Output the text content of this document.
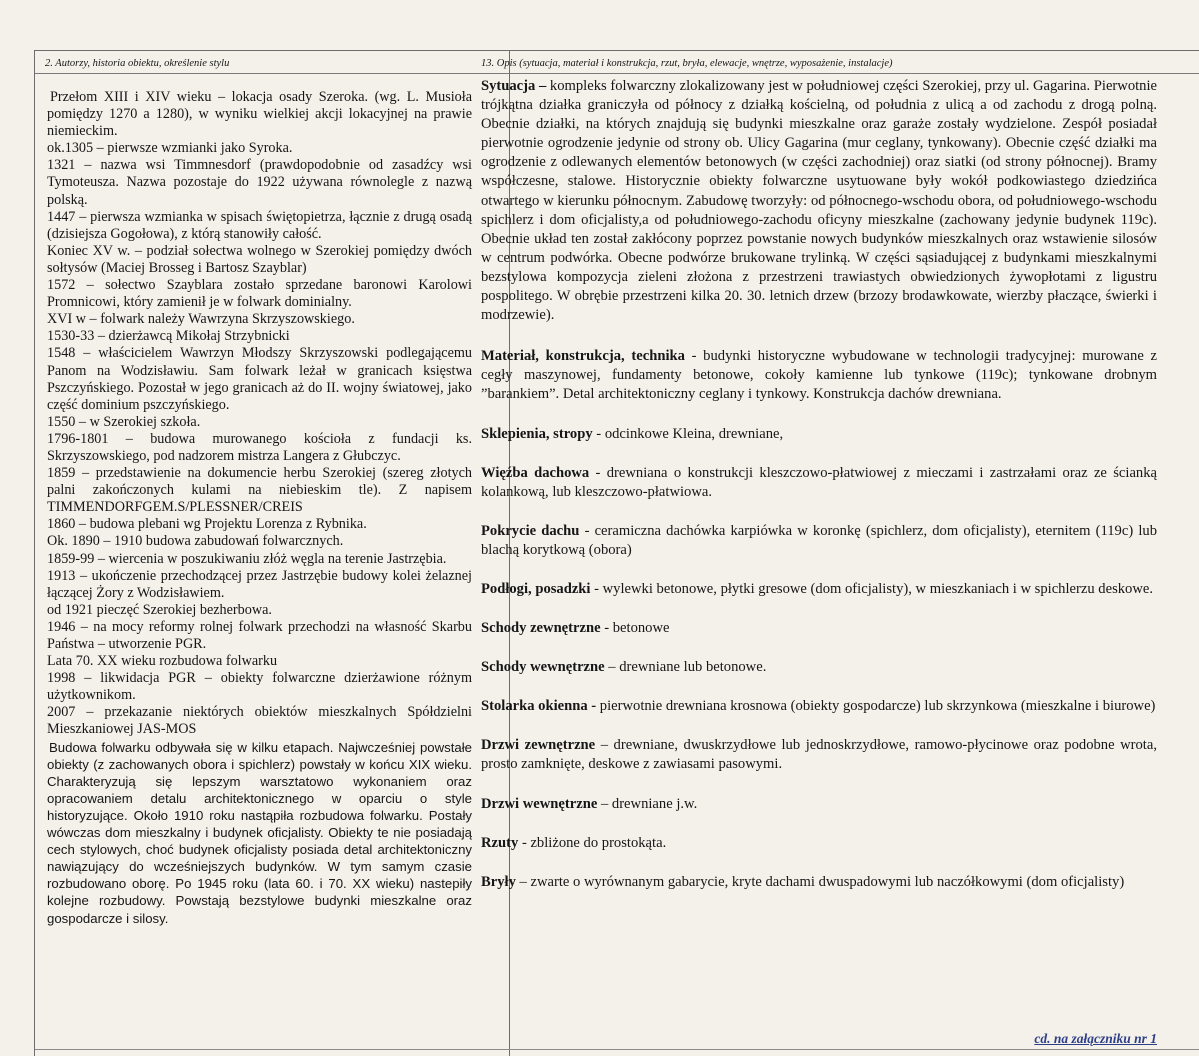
2. Autorzy, historia obiektu, określenie stylu	13. Opis (sytuacja, materiał i konstrukcja, rzut, bryła, elewacje, wnętrze, wyposażenie, instalacje)

Przełom XIII i XIV wieku – lokacja osady Szeroka. (wg. L. Musioła pomiędzy 1270 a 1280), w wyniku wielkiej akcji lokacyjnej na prawie niemieckim.

ok.1305 – pierwsze wzmianki jako Syroka.

1321 – nazwa wsi Timmnesdorf (prawdopodobnie od zasadźcy wsi Tymoteusza. Nazwa pozostaje do 1922 używana równolegle z nazwą polską.

1447 – pierwsza wzmianka w spisach świętopietrza, łącznie z drugą osadą (dzisiejsza Gogołowa), z którą stanowiły całość.

Koniec XV w. – podział sołectwa wolnego w Szerokiej pomiędzy dwóch sołtysów (Maciej Brosseg i Bartosz Szayblar)

1572 – sołectwo Szayblara zostało sprzedane baronowi Karolowi Promnicowi, który zamienił je w folwark dominialny.

XVI w – folwark należy Wawrzyna Skrzyszowskiego.

1530-33 – dzierżawcą Mikołaj Strzybnicki

1548 – właścicielem Wawrzyn Młodszy Skrzyszowski podlegającemu Panom na Wodzisławiu. Sam folwark leżał w granicach księstwa Pszczyńskiego. Pozostał w jego granicach aż do II. wojny światowej, jako część dominium pszczyńskiego.

1550 – w Szerokiej szkoła.

1796-1801 – budowa murowanego kościoła z fundacji ks. Skrzyszowskiego, pod nadzorem mistrza Langera z Głubczyc.

1859 – przedstawienie na dokumencie herbu Szerokiej (szereg złotych palni zakończonych kulami na niebieskim tle). Z napisem TIMMENDORFGEM.S/PLESSNER/CREIS

1860 – budowa plebani wg Projektu Lorenza z Rybnika.

Ok. 1890 – 1910 budowa zabudowań folwarcznych.

1859-99 – wiercenia w poszukiwaniu złóż węgla na terenie Jastrzębia.

1913 – ukończenie przechodzącej przez Jastrzębie budowy kolei żelaznej łączącej Żory z Wodzisławiem.

od 1921 pieczęć Szerokiej bezherbowa.

1946 – na mocy reformy rolnej folwark przechodzi na własność Skarbu Państwa – utworzenie PGR.

Lata 70. XX wieku rozbudowa folwarku

1998 – likwidacja PGR – obiekty folwarczne dzierżawione różnym użytkownikom.

2007 – przekazanie niektórych obiektów mieszkalnych Spółdzielni Mieszkaniowej JAS-MOS

Budowa folwarku odbywała się w kilku etapach. Najwcześniej powstałe obiekty (z zachowanych obora i spichlerz) powstały w końcu XIX wieku. Charakteryzują się lepszym warsztatowo wykonaniem oraz opracowaniem detalu architektonicznego w oparciu o style historyzujące. Około 1910 roku nastąpiła rozbudowa folwarku. Postały wówczas dom mieszkalny i budynek oficjalisty. Obiekty te nie posiadają cech stylowych, choć budynek oficjalisty posiada detal architektoniczny nawiązujący do wcześniejszych budynków. W tym samym czasie rozbudowano oborę. Po 1945 roku (lata 60. i 70. XX wieku) nastepiły kolejne rozbudowy. Powstają bezstylowe budynki mieszkalne oraz gospodarcze i silosy.

Sytuacja – kompleks folwarczny zlokalizowany jest w południowej części Szerokiej, przy ul. Gagarina. Pierwotnie trójkątna działka graniczyła od północy z działką kościelną, od południa z ulicą a od zachodu z drogą polną. Obecnie działki, na których znajdują się budynki mieszkalne oraz garaże zostały wydzielone. Zespół posiadał pierwotnie ogrodzenie jedynie od strony ob. Ulicy Gagarina (mur ceglany, tynkowany). Obecnie część działki ma ogrodzenie z odlewanych elementów betonowych (w części zachodniej) oraz siatki (od strony północnej). Bramy współczesne, stalowe. Historycznie obiekty folwarczne usytuowane były wokół podkowiastego dziedzińca otwartego w kierunku północnym. Zabudowę tworzyły: od północnego-wschodu obora, od południowego-wschodu spichlerz i dom oficjalisty,a od południowego-zachodu oficyny mieszkalne (zachowany jedynie budynek 119c). Obecnie układ ten został zakłócony poprzez powstanie nowych budynków mieszkalnych oraz wstawienie silosów w centrum podwórka. Obecne podwórze brukowane trylinką. W części sąsiadującej z budynkami mieszkalnymi bezstylowa kompozycja zieleni złożona z przestrzeni trawiastych obwiedzionych żywopłotami z ligustru pospolitego. W obrębie przestrzeni kilka 20. 30. letnich drzew (brzozy brodawkowate, wierzby płaczące, świerki i modrzewie).

Materiał, konstrukcja, technika - budynki historyczne wybudowane w technologii tradycyjnej: murowane z cegły maszynowej, fundamenty betonowe, cokoły kamienne lub tynkowe (119c); tynkowane drobnym ”barankiem”. Detal architektoniczny ceglany i tynkowy. Konstrukcja dachów drewniana.

Sklepienia, stropy - odcinkowe Kleina, drewniane,

Więźba dachowa - drewniana o konstrukcji kleszczowo-płatwiowej z mieczami i zastrzałami oraz ze ścianką kolankową, lub kleszczowo-płatwiowa.

Pokrycie dachu - ceramiczna dachówka karpiówka w koronkę (spichlerz, dom oficjalisty), eternitem (119c) lub blachą korytkową (obora)

Podłogi, posadzki - wylewki betonowe, płytki gresowe (dom oficjalisty), w mieszkaniach i w spichlerzu deskowe.

Schody zewnętrzne - betonowe

Schody wewnętrzne – drewniane lub betonowe.

Stolarka okienna - pierwotnie drewniana krosnowa (obiekty gospodarcze) lub skrzynkowa (mieszkalne i biurowe)

Drzwi zewnętrzne – drewniane, dwuskrzydłowe lub jednoskrzydłowe, ramowo-płycinowe oraz podobne wrota, prosto zamknięte, deskowe z zawiasami pasowymi.

Drzwi wewnętrzne – drewniane j.w.

Rzuty - zbliżone do prostokąta.

Bryły – zwarte o wyrównanym gabarycie, kryte dachami dwuspadowymi lub naczółkowymi (dom oficjalisty)

cd. na załączniku nr 1
